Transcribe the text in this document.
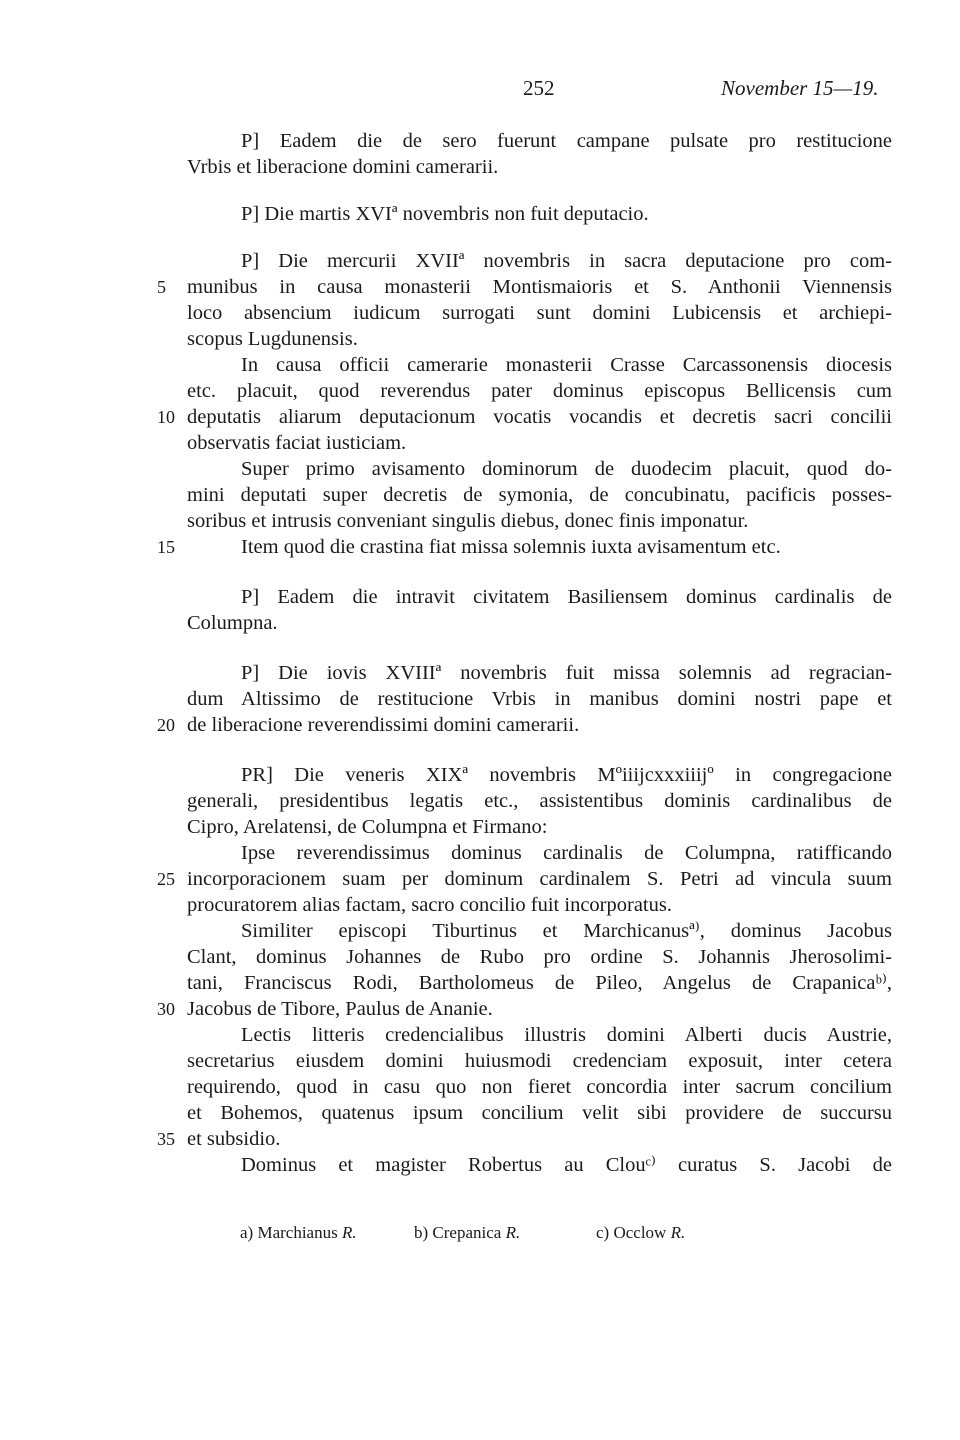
252	November 15—19.
P] Eadem die de sero fuerunt campane pulsate pro restitucione
Vrbis et liberacione domini camerarii.
P] Die martis XVIª novembris non fuit deputacio.
P] Die mercurii XVIIª novembris in sacra deputacione pro com-
5	munibus in causa monasterii Montismaioris et S. Anthonii Viennensis
loco absencium iudicum surrogati sunt domini Lubicensis et archiepi-
scopus Lugdunensis.
In causa officii camerarie monasterii Crasse Carcassonensis diocesis
etc. placuit, quod reverendus pater dominus episcopus Bellicensis cum
10 deputatis aliarum deputacionum vocatis vocandis et decretis sacri concilii
observatis faciat iusticiam.
Super primo avisamento dominorum de duodecim placuit, quod do-
mini deputati super decretis de symonia, de concubinatu, pacificis posses-
soribus et intrusis conveniant singulis diebus, donec finis imponatur.
15	Item quod die crastina fiat missa solemnis iuxta avisamentum etc.
P] Eadem die intravit civitatem Basiliensem dominus cardinalis de
Columpna.
P] Die iovis XVIIIª novembris fuit missa solemnis ad regracian-
dum Altissimo de restitucione Vrbis in manibus domini nostri pape et
20 de liberacione reverendissimi domini camerarii.
PR] Die veneris XIXª novembris Mºiiijcxxxiiijº in congregacione
generali, presidentibus legatis etc., assistentibus dominis cardinalibus de
Cipro, Arelatensi, de Columpna et Firmano:
Ipse reverendissimus dominus cardinalis de Columpna, ratifficando
25 incorporacionem suam per dominum cardinalem S. Petri ad vincula suum
procuratorem alias factam, sacro concilio fuit incorporatus.
Similiter episcopi Tiburtinus et Marchicanusª⁾, dominus Jacobus
Clant, dominus Johannes de Rubo pro ordine S. Johannis Jherosolimi-
tani, Franciscus Rodi, Bartholomeus de Pileo, Angelus de Crapanicaᵇ⁾,
30 Jacobus de Tibore, Paulus de Ananie.
Lectis litteris credencialibus illustris domini Alberti ducis Austrie,
secretarius eiusdem domini huiusmodi credenciam exposuit, inter cetera
requirendo, quod in casu quo non fieret concordia inter sacrum concilium
et Bohemos, quatenus ipsum concilium velit sibi providere de succursu
35 et subsidio.
Dominus et magister Robertus au Clouᶜ⁾ curatus S. Jacobi de
a) Marchianus R.	b) Crepanica R.	c) Occlow R.
